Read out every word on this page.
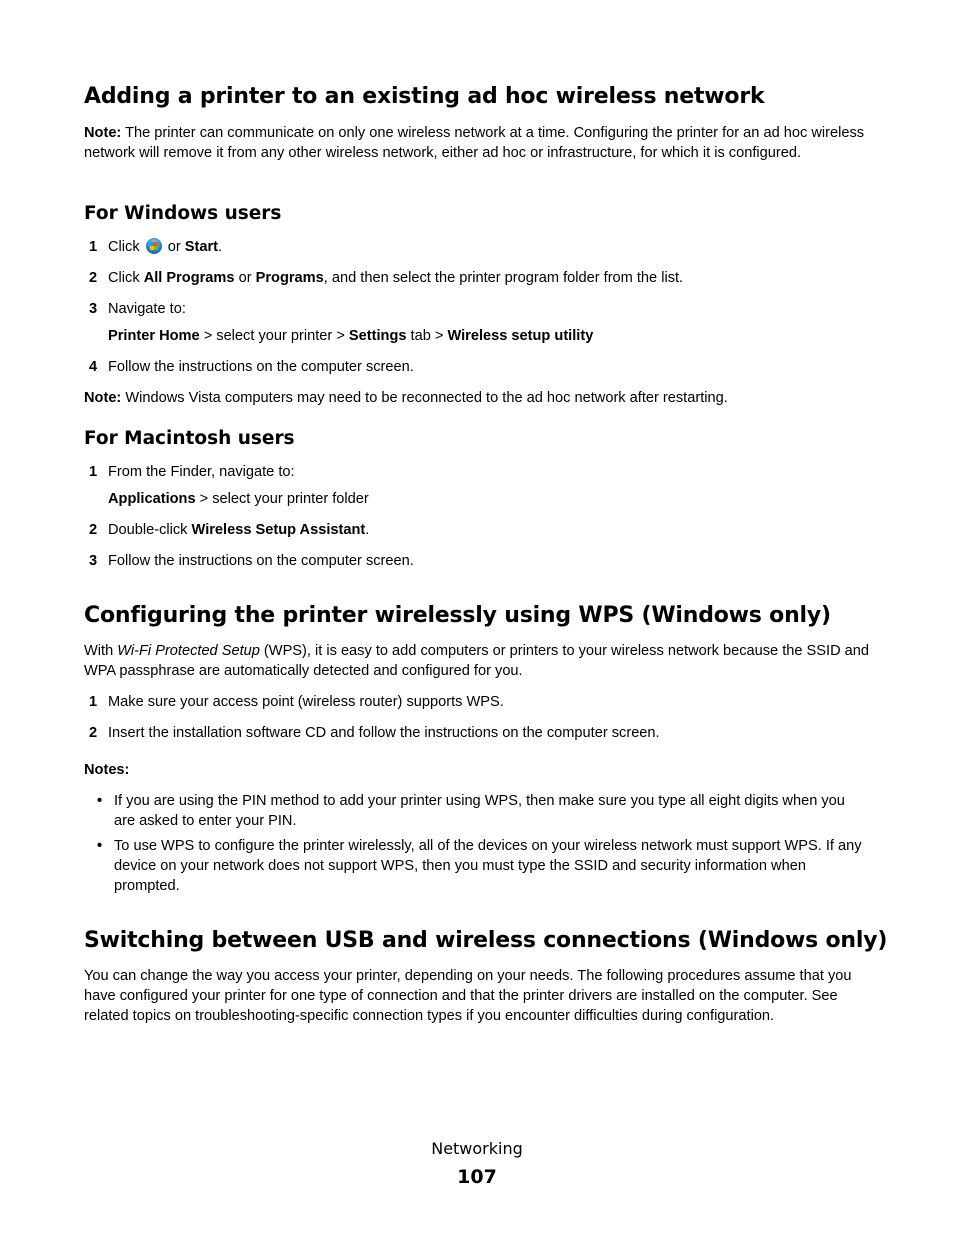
Adding a printer to an existing ad hoc wireless network

Note: The printer can communicate on only one wireless network at a time. Configuring the printer for an ad hoc wireless network will remove it from any other wireless network, either ad hoc or infrastructure, for which it is configured.

For Windows users
1 Click  or Start.
2 Click All Programs or Programs, and then select the printer program folder from the list.
3 Navigate to:
Printer Home > select your printer > Settings tab > Wireless setup utility
4 Follow the instructions on the computer screen.

Note: Windows Vista computers may need to be reconnected to the ad hoc network after restarting.

For Macintosh users
1 From the Finder, navigate to:
Applications > select your printer folder
2 Double-click Wireless Setup Assistant.
3 Follow the instructions on the computer screen.
Configuring the printer wirelessly using WPS (Windows only)

With Wi-Fi Protected Setup (WPS), it is easy to add computers or printers to your wireless network because the SSID and WPA passphrase are automatically detected and configured for you.

1 Make sure your access point (wireless router) supports WPS.
2 Insert the installation software CD and follow the instructions on the computer screen.

Notes:

• If you are using the PIN method to add your printer using WPS, then make sure you type all eight digits when you are asked to enter your PIN.
• To use WPS to configure the printer wirelessly, all of the devices on your wireless network must support WPS. If any device on your network does not support WPS, then you must type the SSID and security information when prompted.
Switching between USB and wireless connections (Windows only)

You can change the way you access your printer, depending on your needs. The following procedures assume that you have configured your printer for one type of connection and that the printer drivers are installed on the computer. See related topics on troubleshooting-specific connection types if you encounter difficulties during configuration.

Networking
107
